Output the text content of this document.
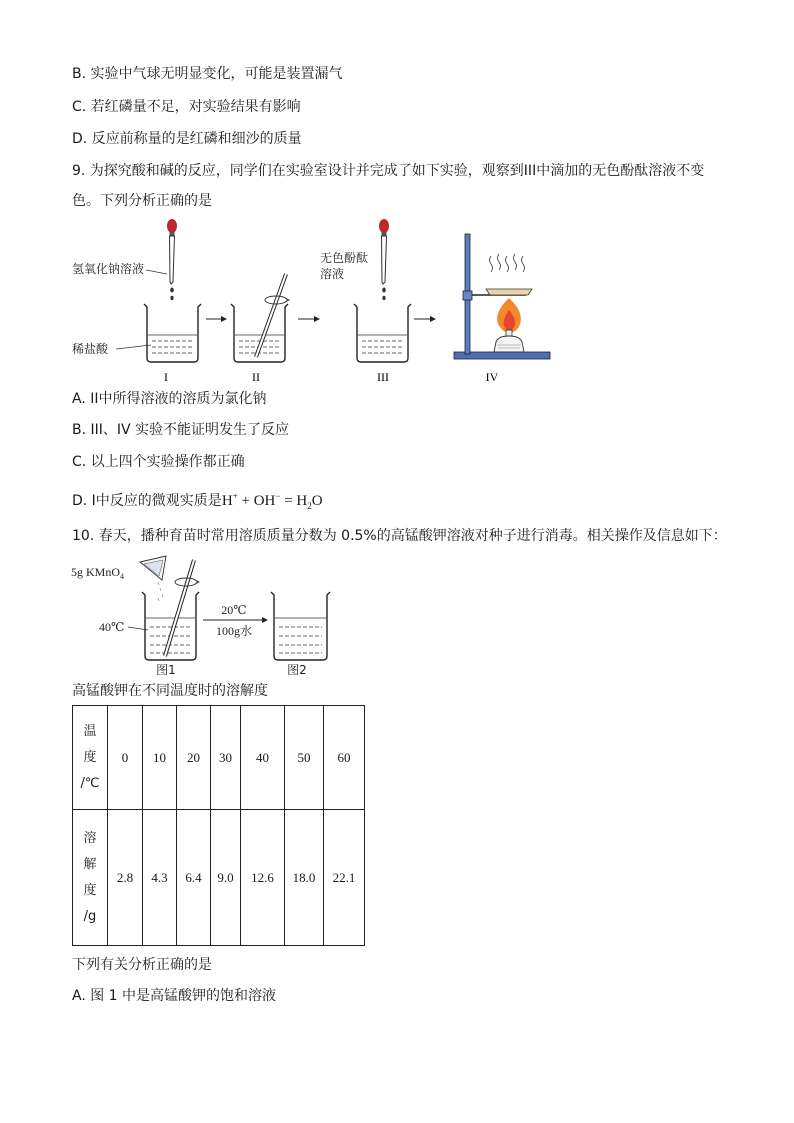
B. 实验中气球无明显变化，可能是装置漏气
C. 若红磷量不足，对实验结果有影响
D. 反应前称量的是红磷和细沙的质量
9. 为探究酸和碱的反应，同学们在实验室设计并完成了如下实验，观察到III中滴加的无色酚酞溶液不变
色。下列分析正确的是
氢氧化钠溶液
稀盐酸
I	II
无色酚酞
溶液
III	IV
A. II中所得溶液的溶质为氯化钠
B. III、IV 实验不能证明发生了反应
C. 以上四个实验操作都正确
D. I中反应的微观实质是$H^+ + OH^- = H_2O$
10. 春天，播种育苗时常用溶质质量分数为 0.5%的高锰酸钾溶液对种子进行消毒。相关操作及信息如下：
5g KMnO$_4$
40℃
20℃
100g水
图1	图2
高锰酸钾在不同温度时的溶解度
温
度
/℃	0	10	20	30	40	50	60

溶
解
度
/g	2.8	4.3	6.4	9.0	12.6	18.0	22.1
下列有关分析正确的是
A. 图 1 中是高锰酸钾的饱和溶液
